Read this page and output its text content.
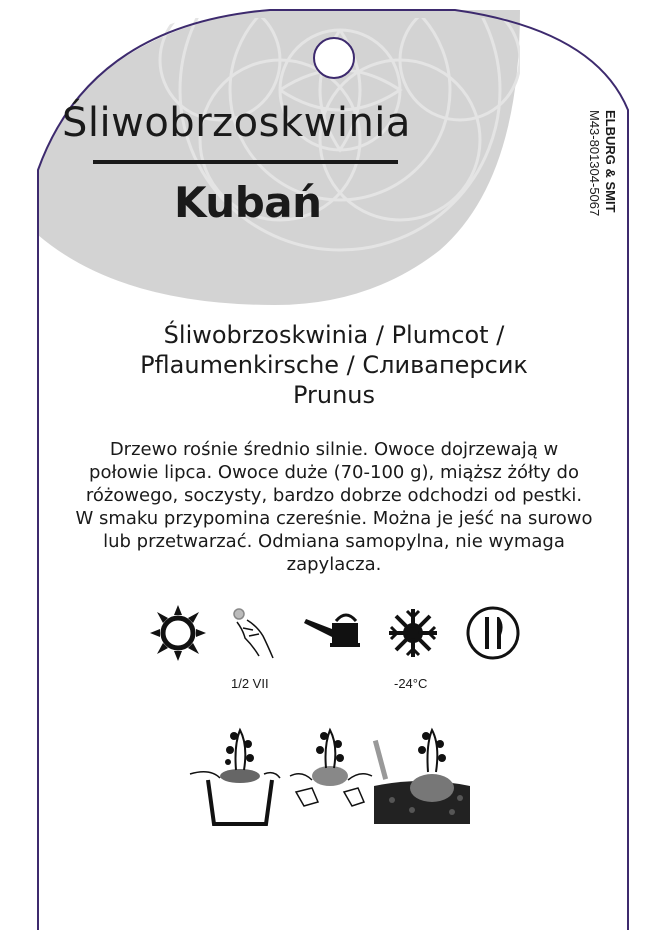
Śliwobrzoskwinia
Kubań	ELBURG & SMIT
M43-801304-5067
Śliwobrzoskwinia / Plumcot /
Pflaumenkirsche / Сливаперсик
Prunus
Drzewo rośnie średnio silnie. Owoce dojrzewają w
połowie lipca. Owoce duże (70-100 g), miąższ żółty do
różowego, soczysty, bardzo dobrze odchodzi od pestki.
W smaku przypomina czereśnie. Można je jeść na surowo
lub przetwarzać. Odmiana samopylna, nie wymaga
zapylacza.
1/2 VII	-24°C
